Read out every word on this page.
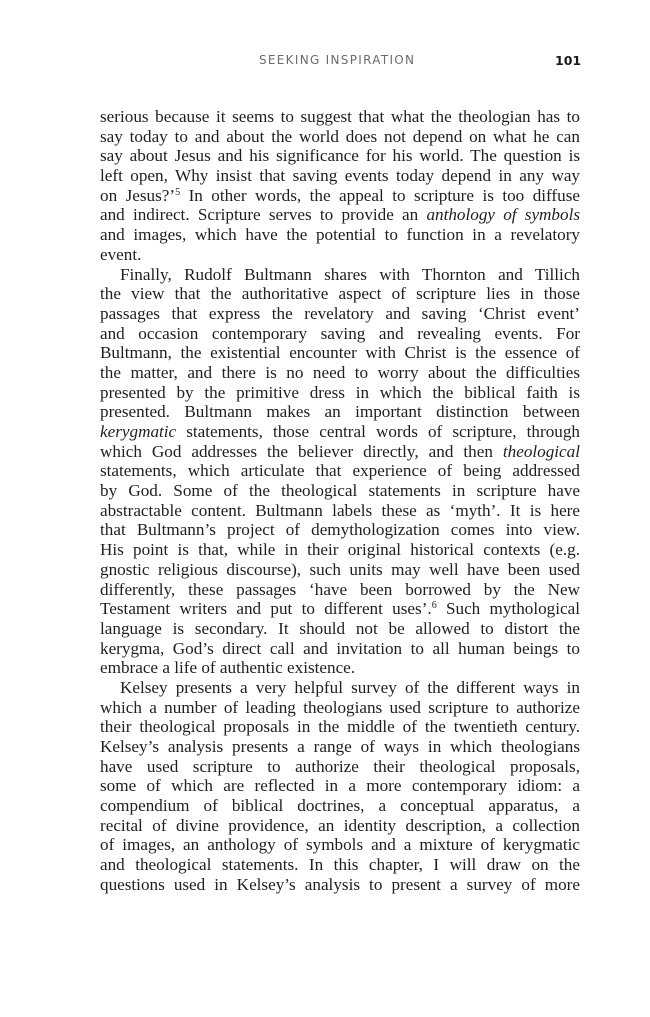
SEEKING INSPIRATION	101
serious because it seems to suggest that what the theologian has to
say today to and about the world does not depend on what he can
say about Jesus and his significance for his world. The question is
left open, Why insist that saving events today depend in any way
on Jesus?’$^5$ In other words, the appeal to scripture is too diffuse
and indirect. Scripture serves to provide an anthology of symbols
and images, which have the potential to function in a revelatory
event.
Finally, Rudolf Bultmann shares with Thornton and Tillich
the view that the authoritative aspect of scripture lies in those
passages that express the revelatory and saving ‘Christ event’
and occasion contemporary saving and revealing events. For
Bultmann, the existential encounter with Christ is the essence of
the matter, and there is no need to worry about the difficulties
presented by the primitive dress in which the biblical faith is
presented. Bultmann makes an important distinction between
kerygmatic statements, those central words of scripture, through
which God addresses the believer directly, and then theological
statements, which articulate that experience of being addressed
by God. Some of the theological statements in scripture have
abstractable content. Bultmann labels these as ‘myth’. It is here
that Bultmann’s project of demythologization comes into view.
His point is that, while in their original historical contexts (e.g.
gnostic religious discourse), such units may well have been used
differently, these passages ‘have been borrowed by the New
Testament writers and put to different uses’.$^6$ Such mythological
language is secondary. It should not be allowed to distort the
kerygma, God’s direct call and invitation to all human beings to
embrace a life of authentic existence.
Kelsey presents a very helpful survey of the different ways in
which a number of leading theologians used scripture to authorize
their theological proposals in the middle of the twentieth century.
Kelsey’s analysis presents a range of ways in which theologians
have used scripture to authorize their theological proposals,
some of which are reflected in a more contemporary idiom: a
compendium of biblical doctrines, a conceptual apparatus, a
recital of divine providence, an identity description, a collection
of images, an anthology of symbols and a mixture of kerygmatic
and theological statements. In this chapter, I will draw on the
questions used in Kelsey’s analysis to present a survey of more
